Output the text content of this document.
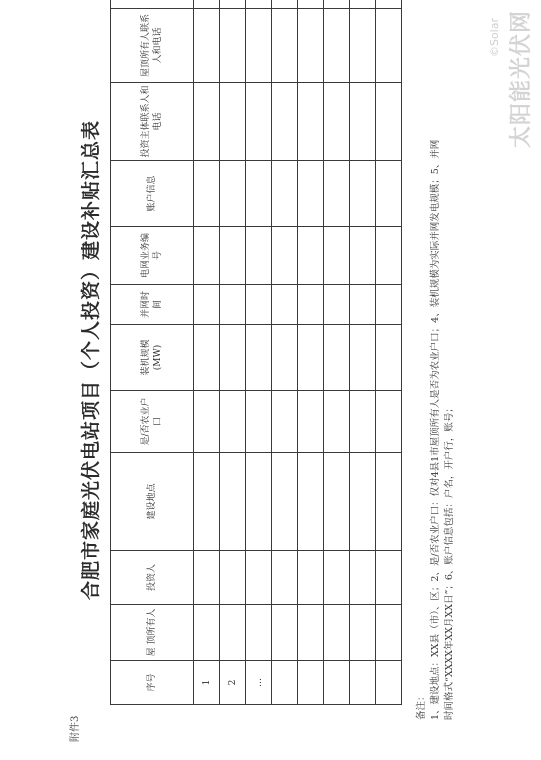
附件3
合肥市家庭光伏电站项目（个人投资）建设补贴汇总表
序号	屋 顶所有人	投资人	建设地点	是/否农业户口	装机规模(MW)	并网时间	电网业务编号	账户信息	投资主体联系人和电话	屋顶所有人联系人和电话	
1											
2											
…											

备注： 1、建设地点：XX县（市）、区；2、是/否农业户口：仅对4县1市屋顶所有人是否为农业户口；4、装机规模为实际并网发电规模；5、并网 时间格式“XXXX年XX月XX日”；6、账户信息包括：户名，开户行，账号；
©Solar 太阳能光伏网
